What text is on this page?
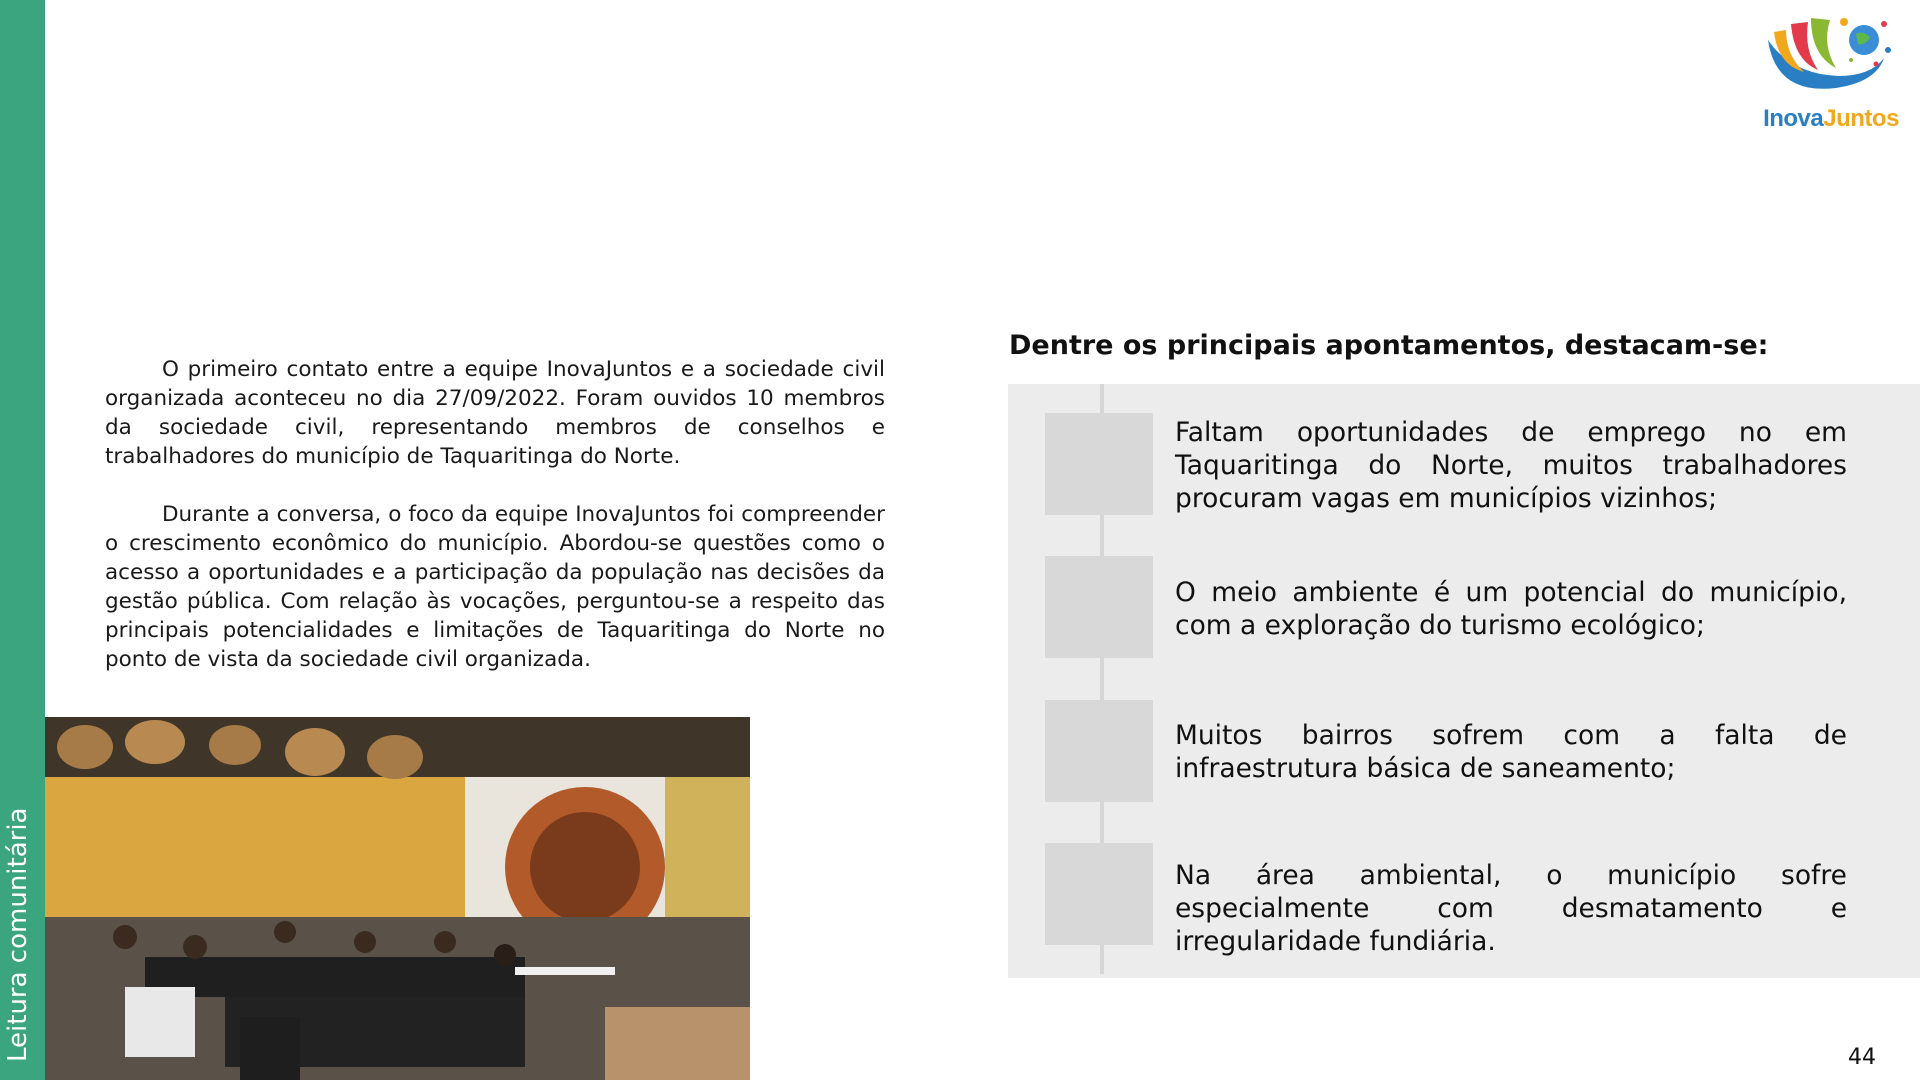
Leitura comunitária
InovaJuntos

O primeiro contato entre a equipe InovaJuntos e a sociedade civil organizada aconteceu no dia 27/09/2022. Foram ouvidos 10 membros da sociedade civil, representando membros de conselhos e trabalhadores do município de Taquaritinga do Norte.

Durante a conversa, o foco da equipe InovaJuntos foi compreender o crescimento econômico do município. Abordou-se questões como o acesso a oportunidades e a participação da população nas decisões da gestão pública. Com relação às vocações, perguntou-se a respeito das principais potencialidades e limitações de Taquaritinga do Norte no ponto de vista da sociedade civil organizada.

Dentre os principais apontamentos, destacam-se:
Faltam oportunidades de emprego no em Taquaritinga do Norte, muitos trabalhadores procuram vagas em municípios vizinhos;
O meio ambiente é um potencial do município, com a exploração do turismo ecológico;
Muitos bairros sofrem com a falta de infraestrutura básica de saneamento;
Na área ambiental, o município sofre especialmente com desmatamento e irregularidade fundiária.
44
